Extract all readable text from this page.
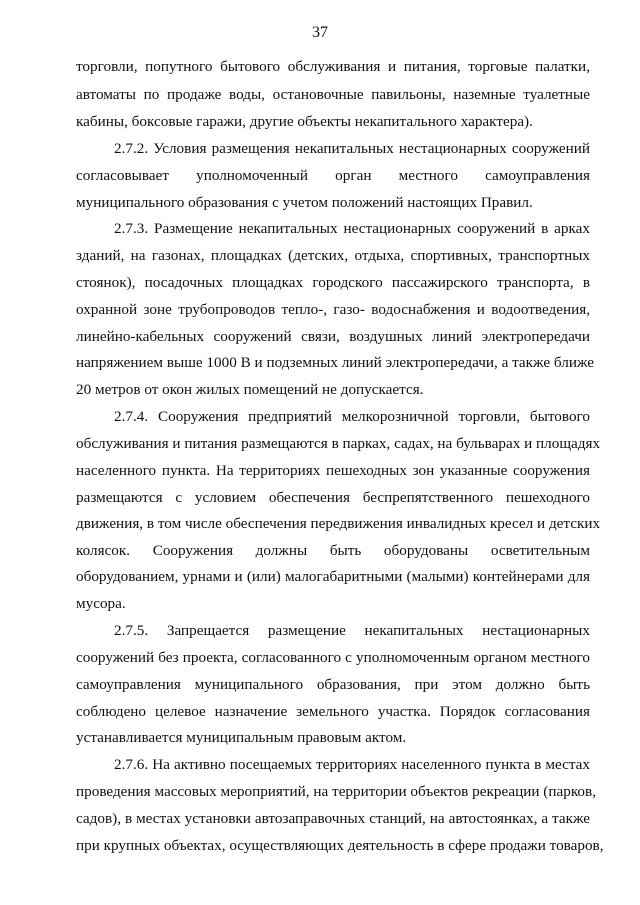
37
торговли, попутного бытового обслуживания и питания, торговые палатки,
автоматы по продаже воды, остановочные павильоны, наземные туалетные
кабины, боксовые гаражи, другие объекты некапитального характера).
2.7.2. Условия размещения некапитальных нестационарных сооружений
согласовывает уполномоченный орган местного самоуправления
муниципального образования с учетом положений настоящих Правил.
2.7.3. Размещение некапитальных нестационарных сооружений в арках
зданий, на газонах, площадках (детских, отдыха, спортивных, транспортных
стоянок), посадочных площадках городского пассажирского транспорта, в
охранной зоне трубопроводов тепло-, газо- водоснабжения и водоотведения,
линейно-кабельных сооружений связи, воздушных линий электропередачи
напряжением выше 1000 В и подземных линий электропередачи, а также ближе
20 метров от окон жилых помещений не допускается.
2.7.4. Сооружения предприятий мелкорозничной торговли, бытового
обслуживания и питания размещаются в парках, садах, на бульварах и площадях
населенного пункта. На территориях пешеходных зон указанные сооружения
размещаются с условием обеспечения беспрепятственного пешеходного
движения, в том числе обеспечения передвижения инвалидных кресел и детских
колясок. Сооружения должны быть оборудованы осветительным
оборудованием, урнами и (или) малогабаритными (малыми) контейнерами для
мусора.
2.7.5. Запрещается размещение некапитальных нестационарных
сооружений без проекта, согласованного с уполномоченным органом местного
самоуправления муниципального образования, при этом должно быть
соблюдено целевое назначение земельного участка. Порядок согласования
устанавливается муниципальным правовым актом.
2.7.6. На активно посещаемых территориях населенного пункта в местах
проведения массовых мероприятий, на территории объектов рекреации (парков,
садов), в местах установки автозаправочных станций, на автостоянках, а также
при крупных объектах, осуществляющих деятельность в сфере продажи товаров,
